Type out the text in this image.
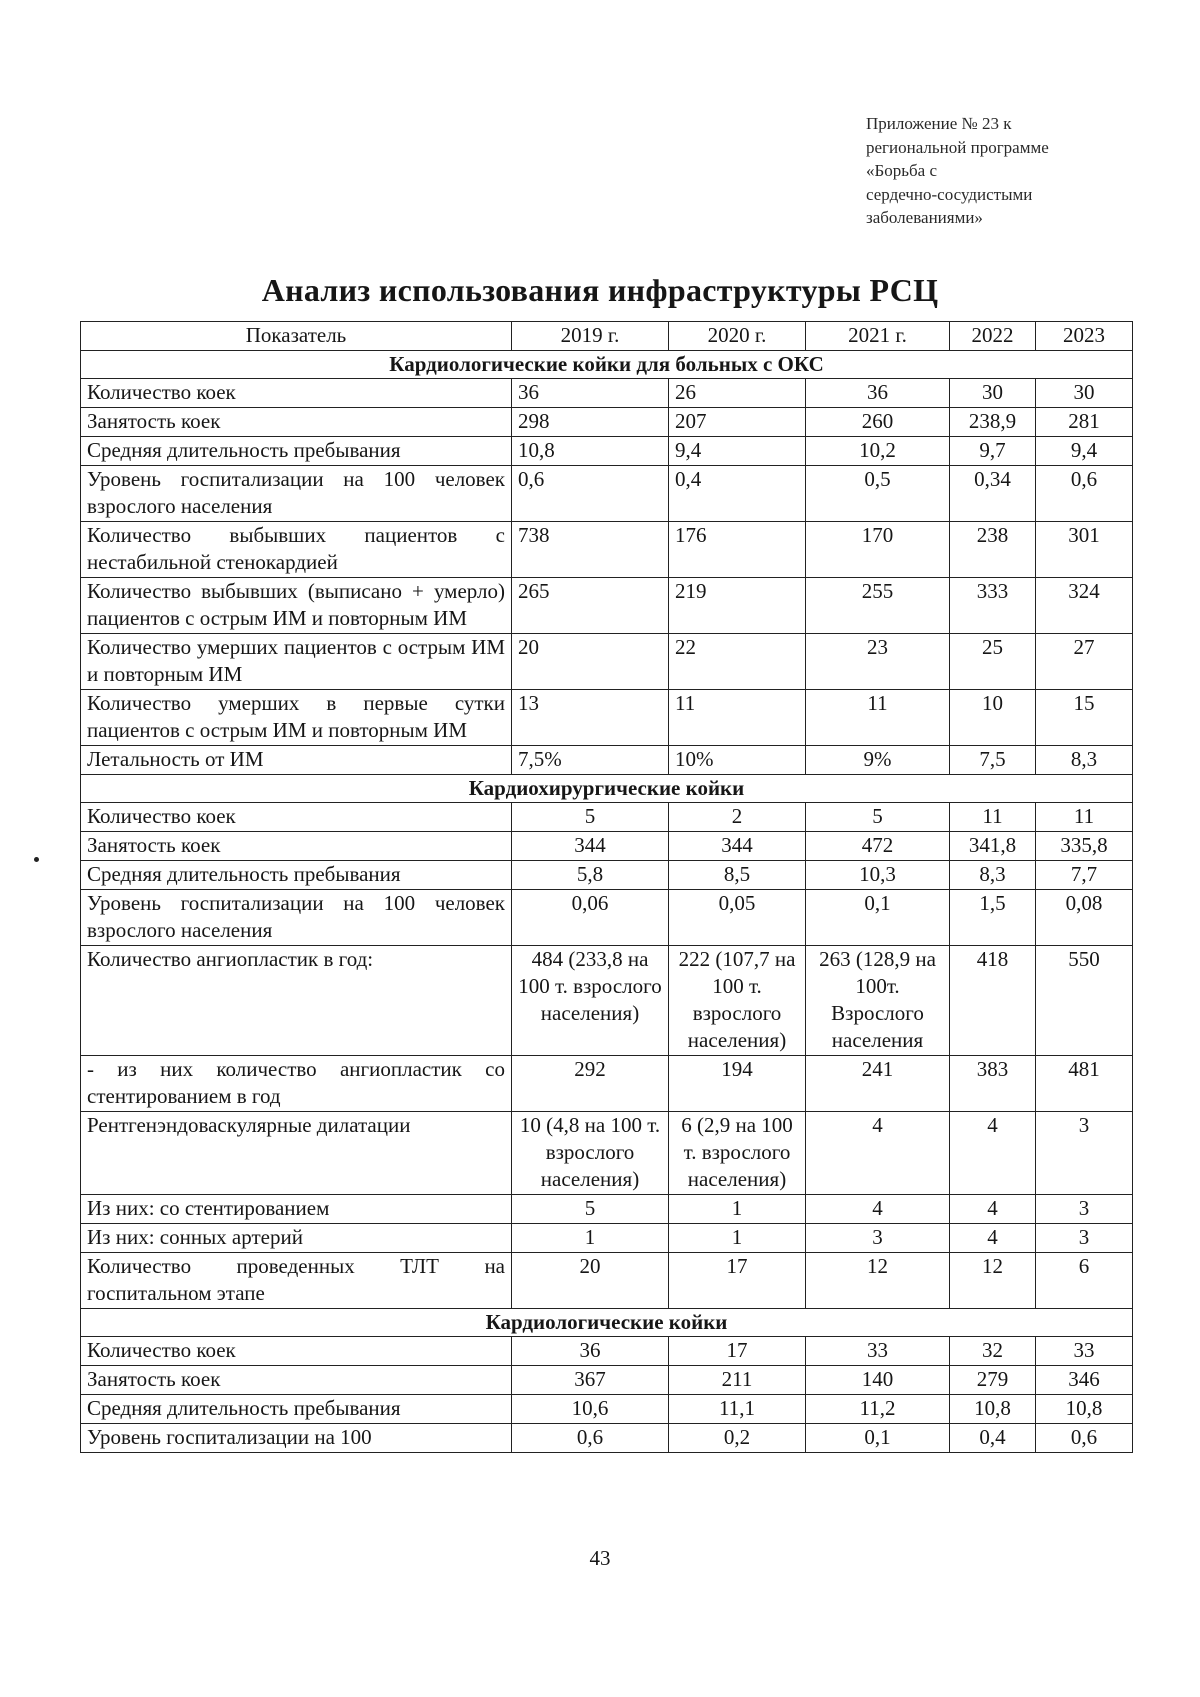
Приложение № 23 к
региональной программе
«Борьба с
сердечно-сосудистыми
заболеваниями»
Анализ использования инфраструктуры РСЦ
Показатель	2019 г.	2020 г.	2021 г.	2022	2023
Кардиологические койки для больных с ОКС					
Количество коек	36	26	36	30	30
Занятость коек	298	207	260	238,9	281
Средняя длительность пребывания	10,8	9,4	10,2	9,7	9,4
Уровень госпитализации на 100 человек взрослого населения	0,6	0,4	0,5	0,34	0,6
Количество выбывших пациентов с нестабильной стенокардией	738	176	170	238	301
Количество выбывших (выписано + умерло) пациентов с острым ИМ и повторным ИМ	265	219	255	333	324
Количество умерших пациентов с острым ИМ и повторным ИМ	20	22	23	25	27
Количество умерших в первые сутки пациентов с острым ИМ и повторным ИМ	13	11	11	10	15
Летальность от ИМ	7,5%	10%	9%	7,5	8,3
Кардиохирургические койки					
Количество коек	5	2	5	11	11
Занятость коек	344	344	472	341,8	335,8
Средняя длительность пребывания	5,8	8,5	10,3	8,3	7,7
Уровень госпитализации на 100 человек взрослого населения	0,06	0,05	0,1	1,5	0,08
Количество ангиопластик в год:	484 (233,8 на 100 т. взрослого населения)	222 (107,7 на 100 т. взрослого населения)	263 (128,9 на 100т. Взрослого населения	418	550
- из них количество ангиопластик со стентированием в год	292	194	241	383	481
Рентгенэндоваскулярные дилатации	10 (4,8 на 100 т. взрослого населения)	6 (2,9 на 100 т. взрослого населения)	4	4	3
Из них: со стентированием	5	1	4	4	3
Из них: сонных артерий	1	1	3	4	3
Количество проведенных ТЛТ на госпитальном этапе	20	17	12	12	6
Кардиологические койки					
Количество коек	36	17	33	32	33
Занятость коек	367	211	140	279	346
Средняя длительность пребывания	10,6	11,1	11,2	10,8	10,8
Уровень госпитализации на 100	0,6	0,2	0,1	0,4	0,6
43
